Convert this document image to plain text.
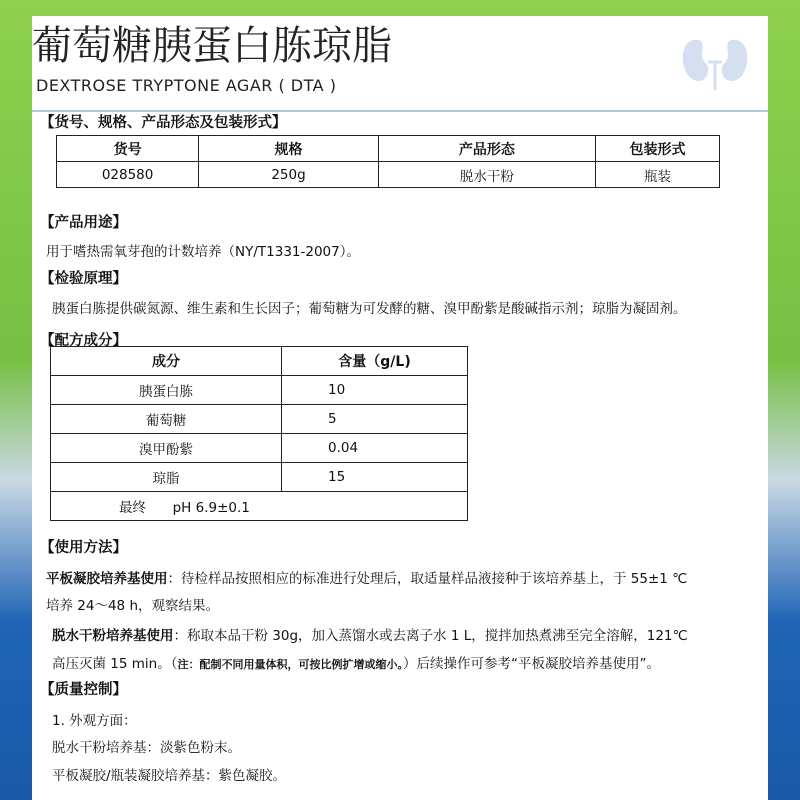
葡萄糖胰蛋白胨琼脂
DEXTROSE TRYPTONE AGAR ( DTA )
【货号、规格、产品形态及包装形式】
货号	规格	产品形态	包装形式
028580	250g	脱水干粉	瓶装
【产品用途】
用于嗜热需氧芽孢的计数培养（NY/T1331-2007）。
【检验原理】
胰蛋白胨提供碳氮源、维生素和生长因子；葡萄糖为可发酵的糖、溴甲酚紫是酸碱指示剂；琼脂为凝固剂。
【配方成分】
成分	含量（g/L)
胰蛋白胨	10
葡萄糖	5
溴甲酚紫	0.04
琼脂	15
最终 pH 6.9±0.1	
【使用方法】
平板凝胶培养基使用：待检样品按照相应的标准进行处理后，取适量样品液接种于该培养基上，于 55±1 ℃
培养 24～48 h，观察结果。
脱水干粉培养基使用：称取本品干粉 30g，加入蒸馏水或去离子水 1 L，搅拌加热煮沸至完全溶解，121℃
高压灭菌 15 min。（注：配制不同用量体积，可按比例扩增或缩小。）后续操作可参考“平板凝胶培养基使用”。
【质量控制】
1. 外观方面：
脱水干粉培养基：淡紫色粉末。
平板凝胶/瓶装凝胶培养基：紫色凝胶。
